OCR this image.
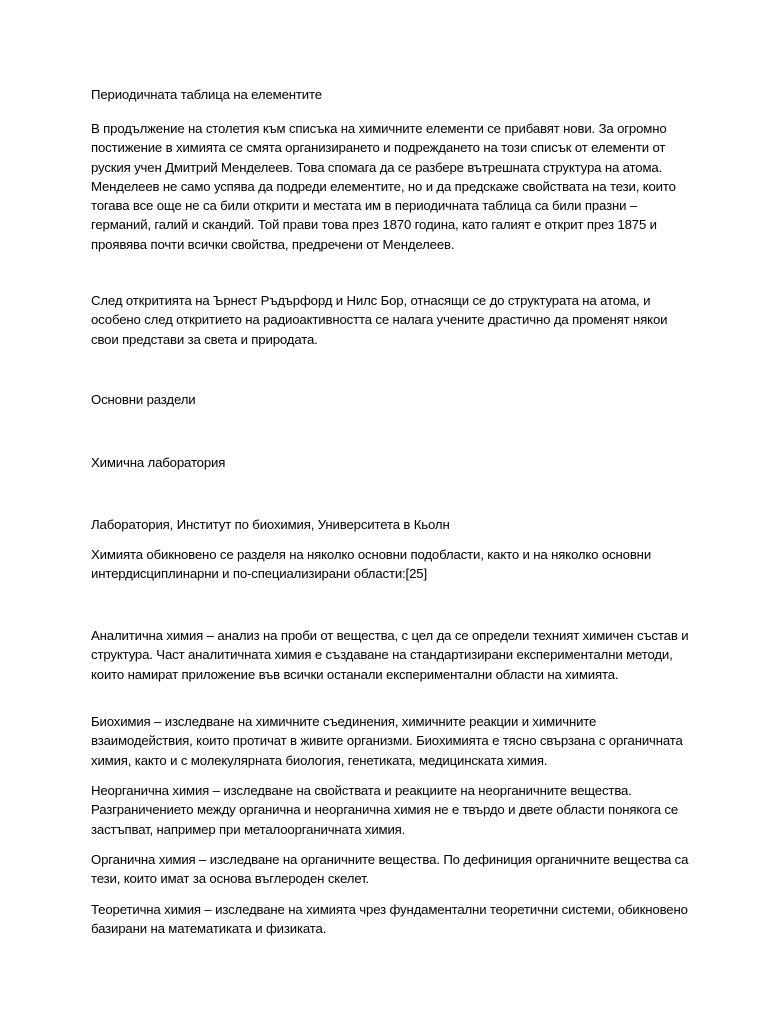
Периодичната таблица на елементите

В продължение на столетия към списъка на химичните елементи се прибавят нови. За огромно постижение в химията се смята организирането и подреждането на този списък от елементи от руския учен Дмитрий Менделеев. Това спомага да се разбере вътрешната структура на атома. Менделеев не само успява да подреди елементите, но и да предскаже свойствата на тези, които тогава все още не са били открити и местата им в периодичната таблица са били празни – германий, галий и скандий. Той прави това през 1870 година, като галият е открит през 1875 и проявява почти всички свойства, предречени от Менделеев.

След откритията на Ърнест Ръдърфорд и Нилс Бор, отнасящи се до структурата на атома, и особено след откритието на радиоактивността се налага учените драстично да променят някои свои представи за света и природата.

Основни раздели

Химична лаборатория

Лаборатория, Институт по биохимия, Университета в Кьолн

Химията обикновено се разделя на няколко основни подобласти, както и на няколко основни интердисциплинарни и по-специализирани области:[25]

Аналитична химия – анализ на проби от вещества, с цел да се определи техният химичен състав и структура. Част аналитичната химия е създаване на стандартизирани експериментални методи, които намират приложение във всички останали експериментални области на химията.

Биохимия – изследване на химичните съединения, химичните реакции и химичните взаимодействия, които протичат в живите организми. Биохимията е тясно свързана с органичната химия, както и с молекулярната биология, генетиката, медицинската химия.

Неорганична химия – изследване на свойствата и реакциите на неорганичните вещества. Разграничението между органична и неорганична химия не е твърдо и двете области понякога се застъпват, например при металоорганичната химия.

Органична химия – изследване на органичните вещества. По дефиниция органичните вещества са тези, които имат за основа въглероден скелет.

Теоретична химия – изследване на химията чрез фундаментални теоретични системи, обикновено базирани на математиката и физиката.
